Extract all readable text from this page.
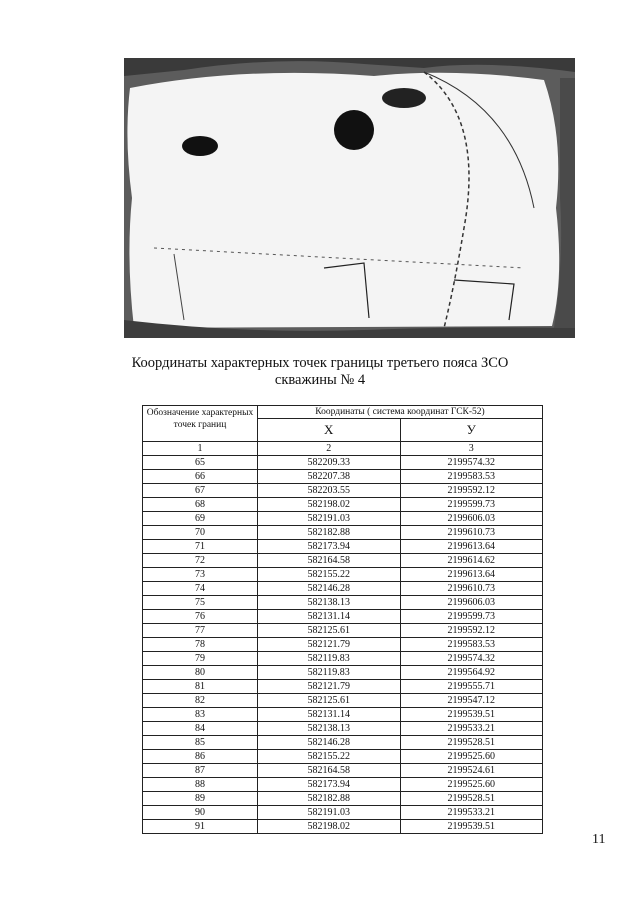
Координаты характерных точек границы третьего пояса ЗСО скважины № 4
Обозначение характерных точек границ	Координаты ( система координат ГСК-52)	
	X	У
1	2	3
65	582209.33	2199574.32
66	582207.38	2199583.53
67	582203.55	2199592.12
68	582198.02	2199599.73
69	582191.03	2199606.03
70	582182.88	2199610.73
71	582173.94	2199613.64
72	582164.58	2199614.62
73	582155.22	2199613.64
74	582146.28	2199610.73
75	582138.13	2199606.03
76	582131.14	2199599.73
77	582125.61	2199592.12
78	582121.79	2199583.53
79	582119.83	2199574.32
80	582119.83	2199564.92
81	582121.79	2199555.71
82	582125.61	2199547.12
83	582131.14	2199539.51
84	582138.13	2199533.21
85	582146.28	2199528.51
86	582155.22	2199525.60
87	582164.58	2199524.61
88	582173.94	2199525.60
89	582182.88	2199528.51
90	582191.03	2199533.21
91	582198.02	2199539.51
11
